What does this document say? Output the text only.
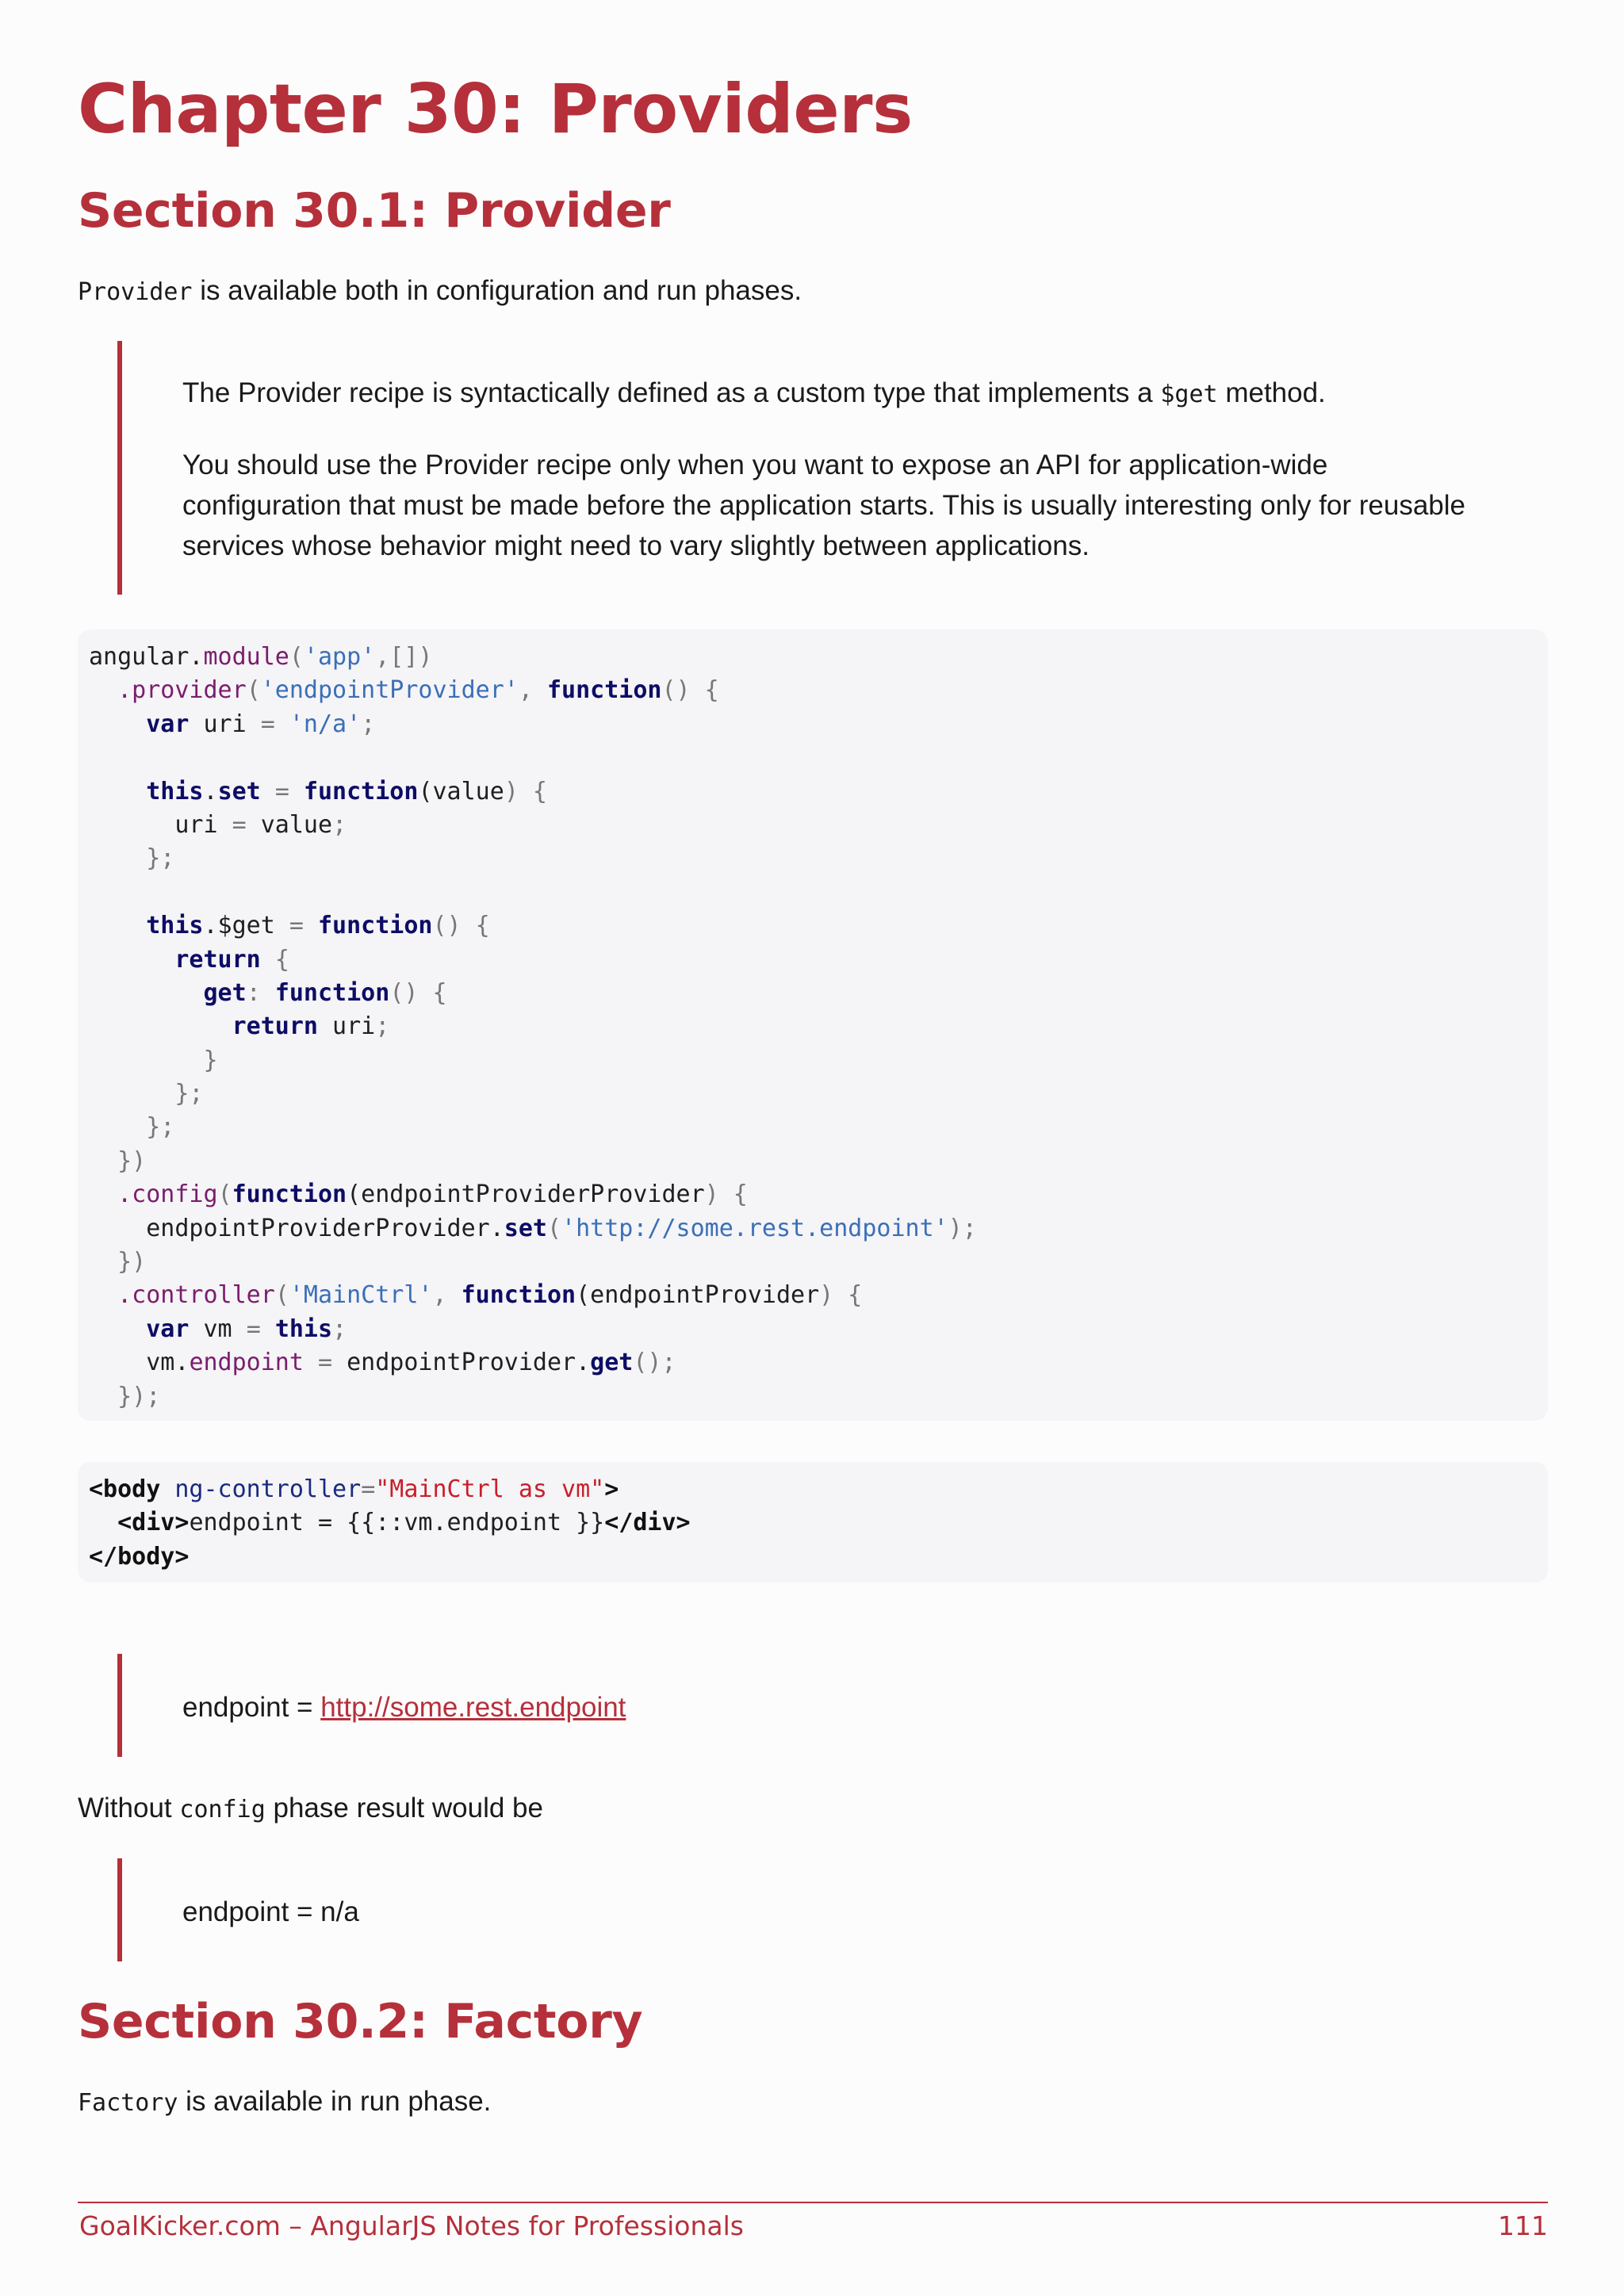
Chapter 30: Providers
Section 30.1: Provider

Provider is available both in configuration and run phases.

The Provider recipe is syntactically defined as a custom type that implements a $get method.

You should use the Provider recipe only when you want to expose an API for application-wide
configuration that must be made before the application starts. This is usually interesting only for reusable
services whose behavior might need to vary slightly between applications.

angular.module('app',[])
.provider('endpointProvider', function() {
var uri = 'n/a';

this.set = function(value) {
uri = value;
};

this.$get = function() {
return {
get: function() {
return uri;
}
};
};
})
.config(function(endpointProviderProvider) {
endpointProviderProvider.set('http://some.rest.endpoint');
})
.controller('MainCtrl', function(endpointProvider) {
var vm = this;
vm.endpoint = endpointProvider.get();
});
<body ng-controller="MainCtrl as vm">
<div>endpoint = {{::vm.endpoint }}</div>
</body>

endpoint = http://some.rest.endpoint

Without config phase result would be

endpoint = n/a

Section 30.2: Factory

Factory is available in run phase.

GoalKicker.com – AngularJS Notes for Professionals	111
